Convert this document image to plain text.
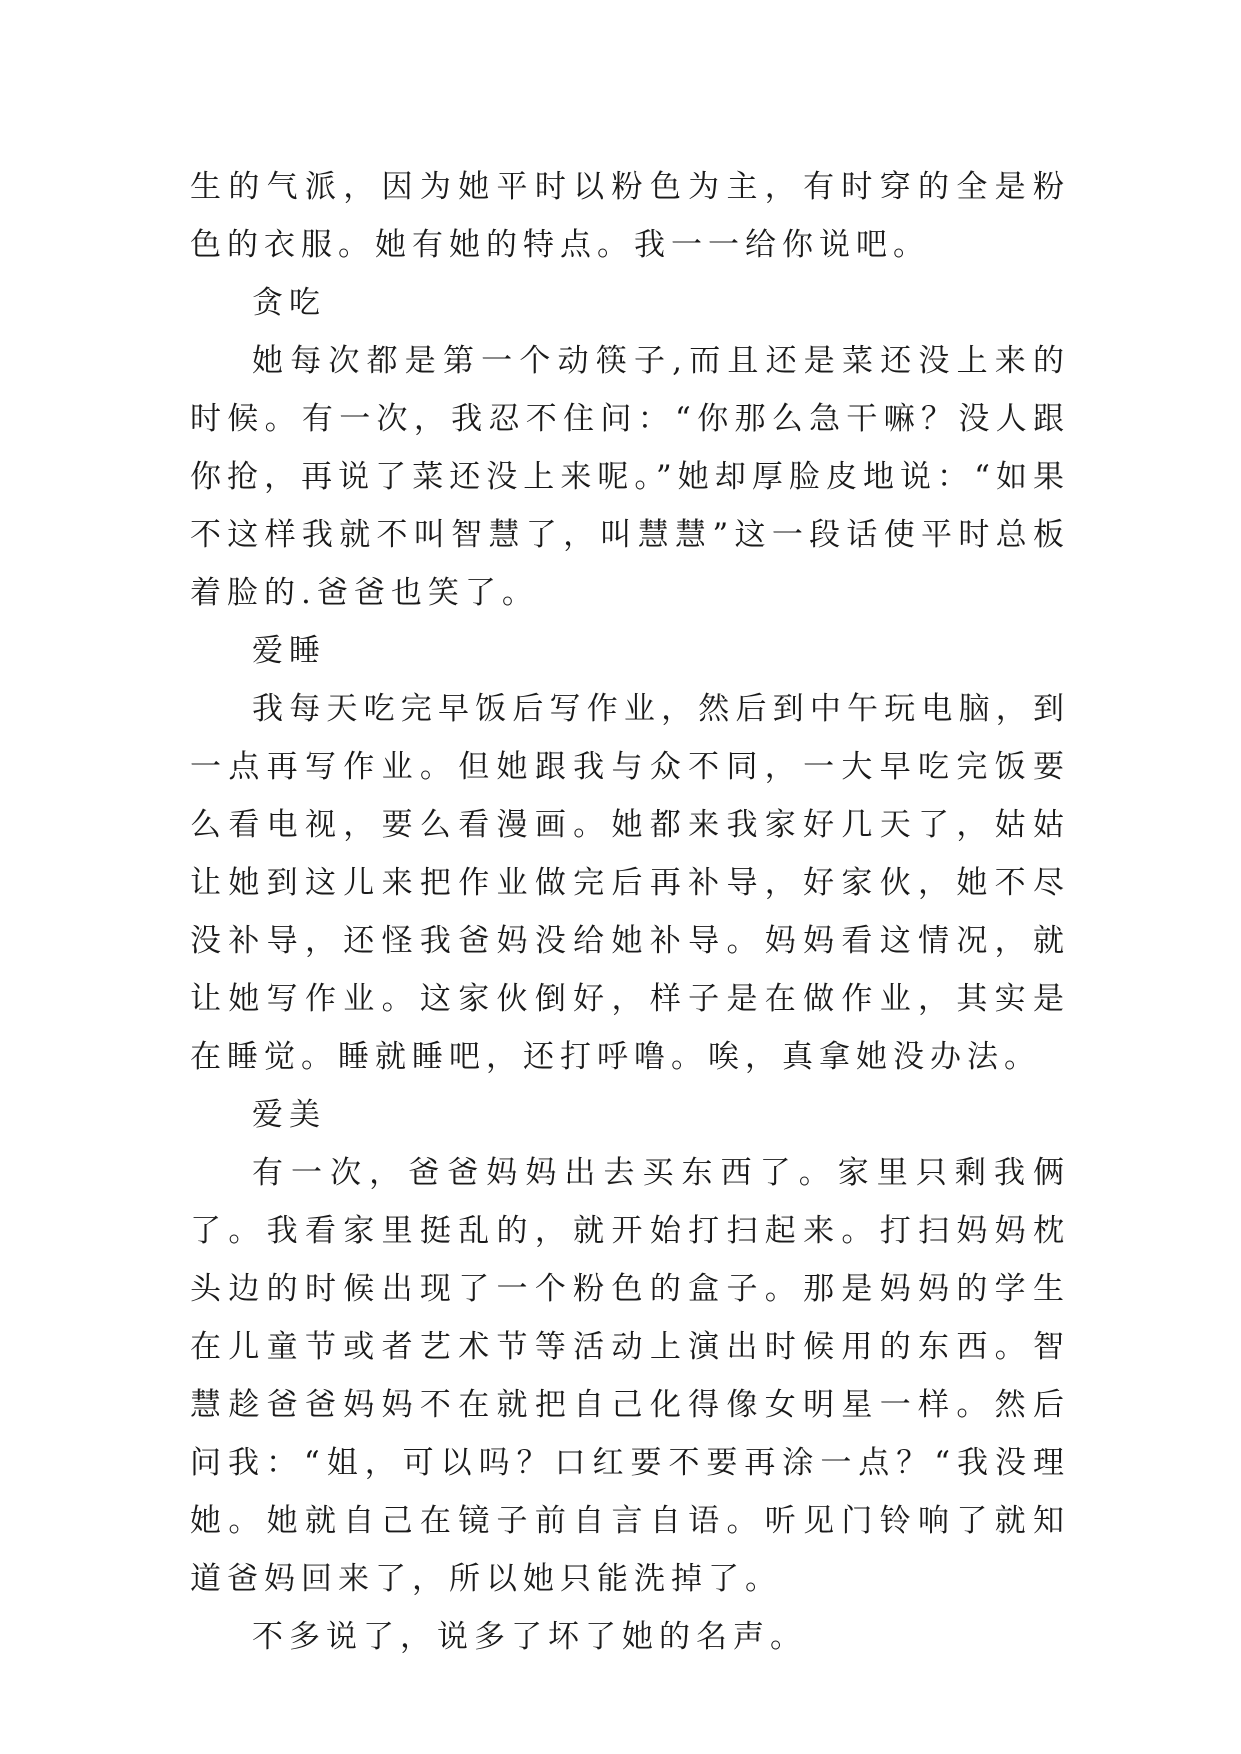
生的气派，因为她平时以粉色为主，有时穿的全是粉色的衣服。她有她的特点。我一一给你说吧。

贪吃

她每次都是第一个动筷子,而且还是菜还没上来的时候。有一次，我忍不住问：“你那么急干嘛？没人跟你抢，再说了菜还没上来呢。”她却厚脸皮地说：“如果不这样我就不叫智慧了，叫慧慧”这一段话使平时总板着脸的.爸爸也笑了。

爱睡

我每天吃完早饭后写作业，然后到中午玩电脑，到一点再写作业。但她跟我与众不同，一大早吃完饭要么看电视，要么看漫画。她都来我家好几天了，姑姑让她到这儿来把作业做完后再补导，好家伙，她不尽没补导，还怪我爸妈没给她补导。妈妈看这情况，就让她写作业。这家伙倒好，样子是在做作业，其实是在睡觉。睡就睡吧，还打呼噜。唉，真拿她没办法。

爱美

有一次，爸爸妈妈出去买东西了。家里只剩我俩了。我看家里挺乱的，就开始打扫起来。打扫妈妈枕头边的时候出现了一个粉色的盒子。那是妈妈的学生在儿童节或者艺术节等活动上演出时候用的东西。智慧趁爸爸妈妈不在就把自己化得像女明星一样。然后问我：“姐，可以吗？口红要不要再涂一点？“我没理她。她就自己在镜子前自言自语。听见门铃响了就知道爸妈回来了，所以她只能洗掉了。

不多说了，说多了坏了她的名声。
